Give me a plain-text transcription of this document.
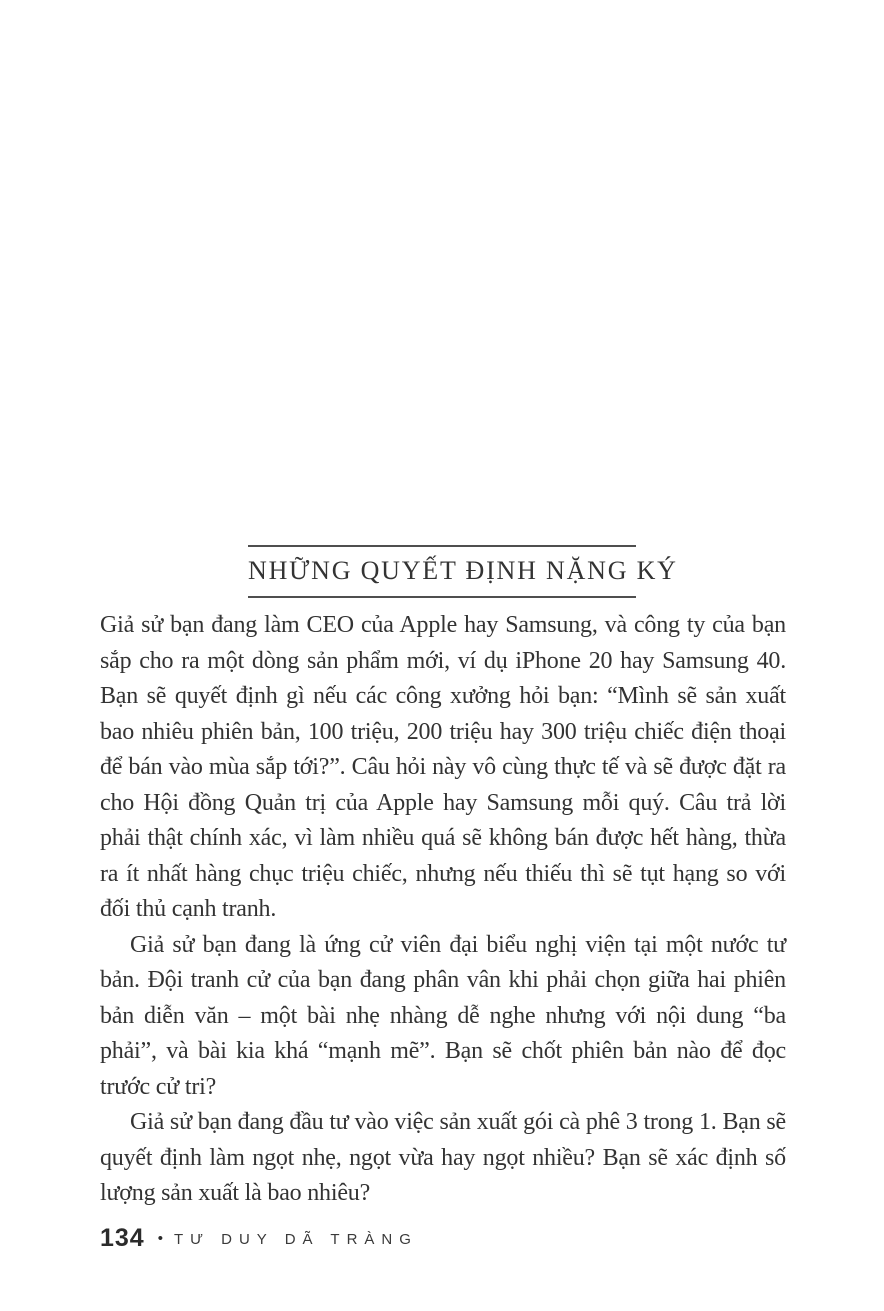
NHỮNG QUYẾT ĐỊNH NẶNG KÝ

Giả sử bạn đang làm CEO của Apple hay Samsung, và công ty của bạn sắp cho ra một dòng sản phẩm mới, ví dụ iPhone 20 hay Samsung 40. Bạn sẽ quyết định gì nếu các công xưởng hỏi bạn: “Mình sẽ sản xuất bao nhiêu phiên bản, 100 triệu, 200 triệu hay 300 triệu chiếc điện thoại để bán vào mùa sắp tới?”. Câu hỏi này vô cùng thực tế và sẽ được đặt ra cho Hội đồng Quản trị của Apple hay Samsung mỗi quý. Câu trả lời phải thật chính xác, vì làm nhiều quá sẽ không bán được hết hàng, thừa ra ít nhất hàng chục triệu chiếc, nhưng nếu thiếu thì sẽ tụt hạng so với đối thủ cạnh tranh.

Giả sử bạn đang là ứng cử viên đại biểu nghị viện tại một nước tư bản. Đội tranh cử của bạn đang phân vân khi phải chọn giữa hai phiên bản diễn văn – một bài nhẹ nhàng dễ nghe nhưng với nội dung “ba phải”, và bài kia khá “mạnh mẽ”. Bạn sẽ chốt phiên bản nào để đọc trước cử tri?

Giả sử bạn đang đầu tư vào việc sản xuất gói cà phê 3 trong 1. Bạn sẽ quyết định làm ngọt nhẹ, ngọt vừa hay ngọt nhiều? Bạn sẽ xác định số lượng sản xuất là bao nhiêu?

134 • TƯ DUY DÃ TRÀNG
